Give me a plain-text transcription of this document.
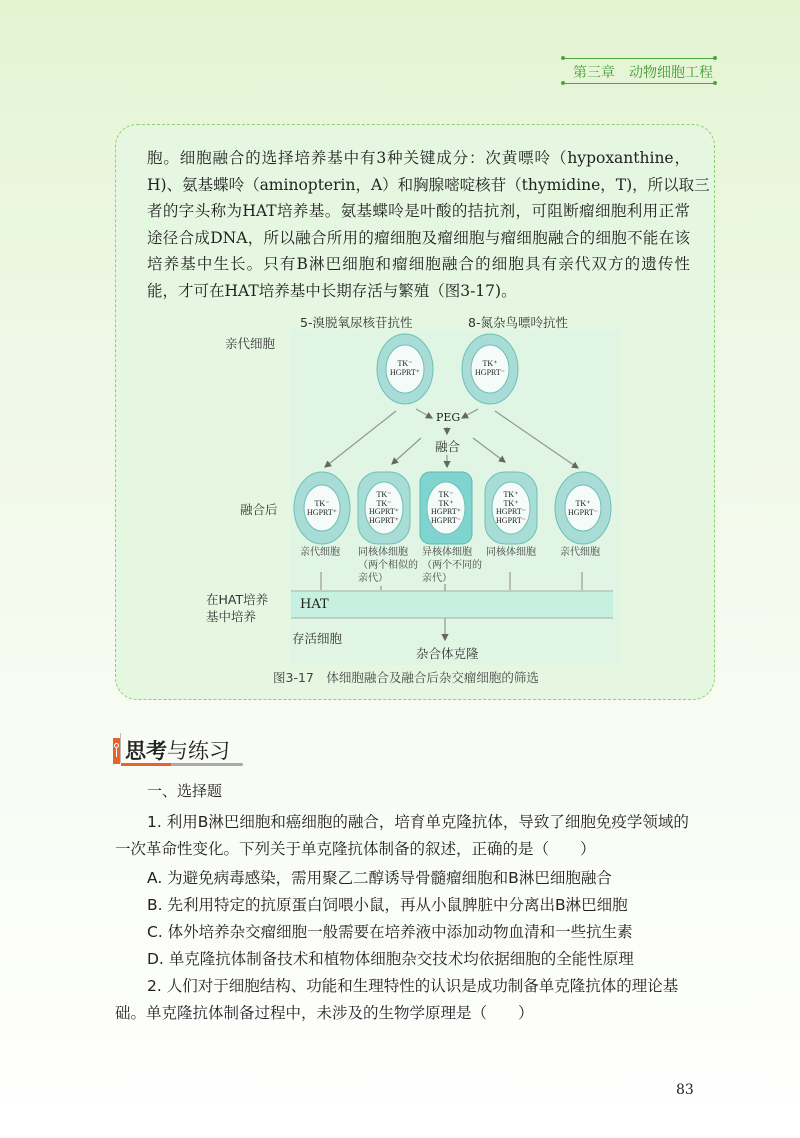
第三章　动物细胞工程
胞。细胞融合的选择培养基中有3种关键成分：次黄嘌呤（hypoxanthine，
H)、氨基蝶呤（aminopterin，A）和胸腺嘧啶核苷（thymidine，T)，所以取三
者的字头称为HAT培养基。氨基蝶呤是叶酸的拮抗剂，可阻断瘤细胞利用正常
途径合成DNA，所以融合所用的瘤细胞及瘤细胞与瘤细胞融合的细胞不能在该
培养基中生长。只有B淋巴细胞和瘤细胞融合的细胞具有亲代双方的遗传性
能，才可在HAT培养基中长期存活与繁殖（图3-17)。
5-溴脱氧尿核苷抗性	8-氮杂鸟嘌呤抗性
亲代细胞
融合后
PEG
融合
TK⁻
HGPRT⁺
TK⁺
HGPRT⁻
TK⁻
HGPRT⁺
TK⁻
TK⁻
HGPRT⁺
HGPRT⁺
TK⁻
TK⁺
HGPRT⁺
HGPRT⁻
TK⁺
TK⁺
HGPRT⁻
HGPRT⁻
TK⁺
HGPRT⁻
亲代细胞	同核体细胞（两个相似的亲代）
异核体细胞（两个不同的亲代）
同核体细胞	亲代细胞
在HAT培养
基中培养
HAT
存活细胞
杂合体克隆
图3-17　体细胞融合及融合后杂交瘤细胞的筛选
思考与练习
一、选择题
1. 利用B淋巴细胞和癌细胞的融合，培育单克隆抗体，导致了细胞免疫学领域的
一次革命性变化。下列关于单克隆抗体制备的叙述，正确的是（　　）
A. 为避免病毒感染，需用聚乙二醇诱导骨髓瘤细胞和B淋巴细胞融合
B. 先利用特定的抗原蛋白饲喂小鼠，再从小鼠脾脏中分离出B淋巴细胞
C. 体外培养杂交瘤细胞一般需要在培养液中添加动物血清和一些抗生素
D. 单克隆抗体制备技术和植物体细胞杂交技术均依据细胞的全能性原理
2. 人们对于细胞结构、功能和生理特性的认识是成功制备单克隆抗体的理论基
础。单克隆抗体制备过程中，未涉及的生物学原理是（　　）
83
